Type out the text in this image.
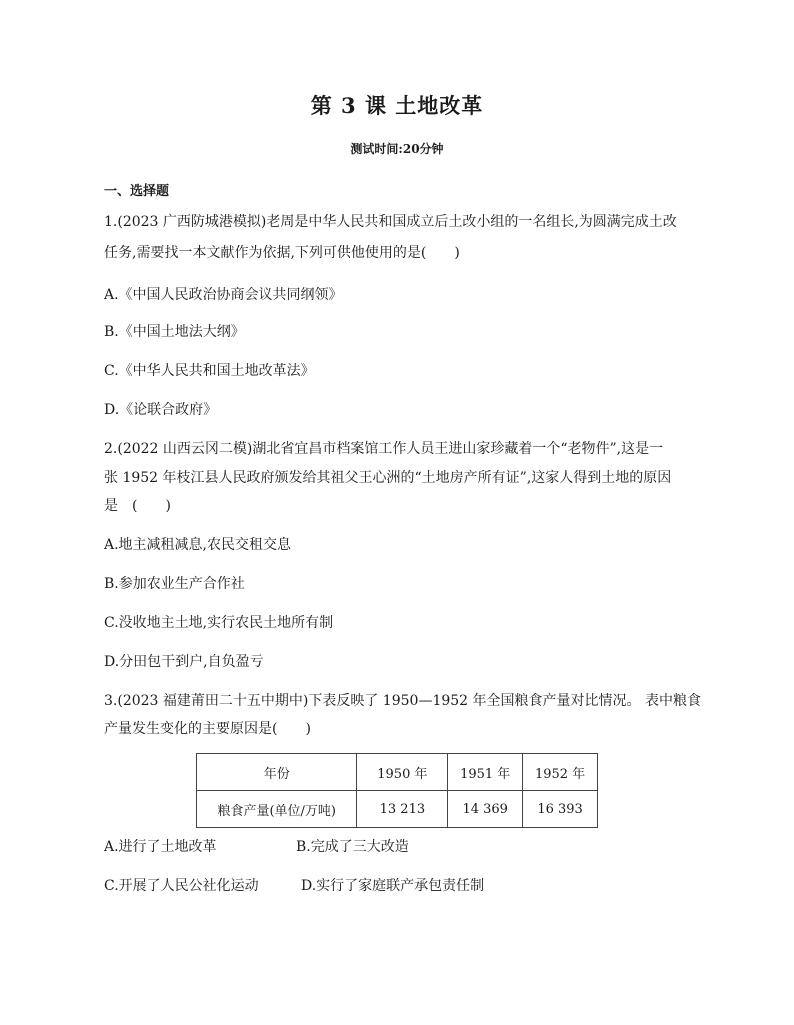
第 3 课 土地改革
测试时间:20分钟
一、选择题
1.(2023 广西防城港模拟)老周是中华人民共和国成立后土改小组的一名组长,为圆满完成土改
任务,需要找一本文献作为依据,下列可供他使用的是(　　)
A.《中国人民政治协商会议共同纲领》
B.《中国土地法大纲》
C.《中华人民共和国土地改革法》
D.《论联合政府》
2.(2022 山西云冈二模)湖北省宜昌市档案馆工作人员王进山家珍藏着一个“老物件”,这是一
张 1952 年枝江县人民政府颁发给其祖父王心洲的“土地房产所有证”,这家人得到土地的原因
是　(　　)
A.地主减租减息,农民交租交息
B.参加农业生产合作社
C.没收地主土地,实行农民土地所有制
D.分田包干到户,自负盈亏
3.(2023 福建莆田二十五中期中)下表反映了 1950—1952 年全国粮食产量对比情况。 表中粮食
产量发生变化的主要原因是(　　)
年份	1950 年	1951 年	1952 年
粮食产量(单位/万吨)	13 213	14 369	16 393
A.进行了土地改革	B.完成了三大改造
C.开展了人民公社化运动	D.实行了家庭联产承包责任制
